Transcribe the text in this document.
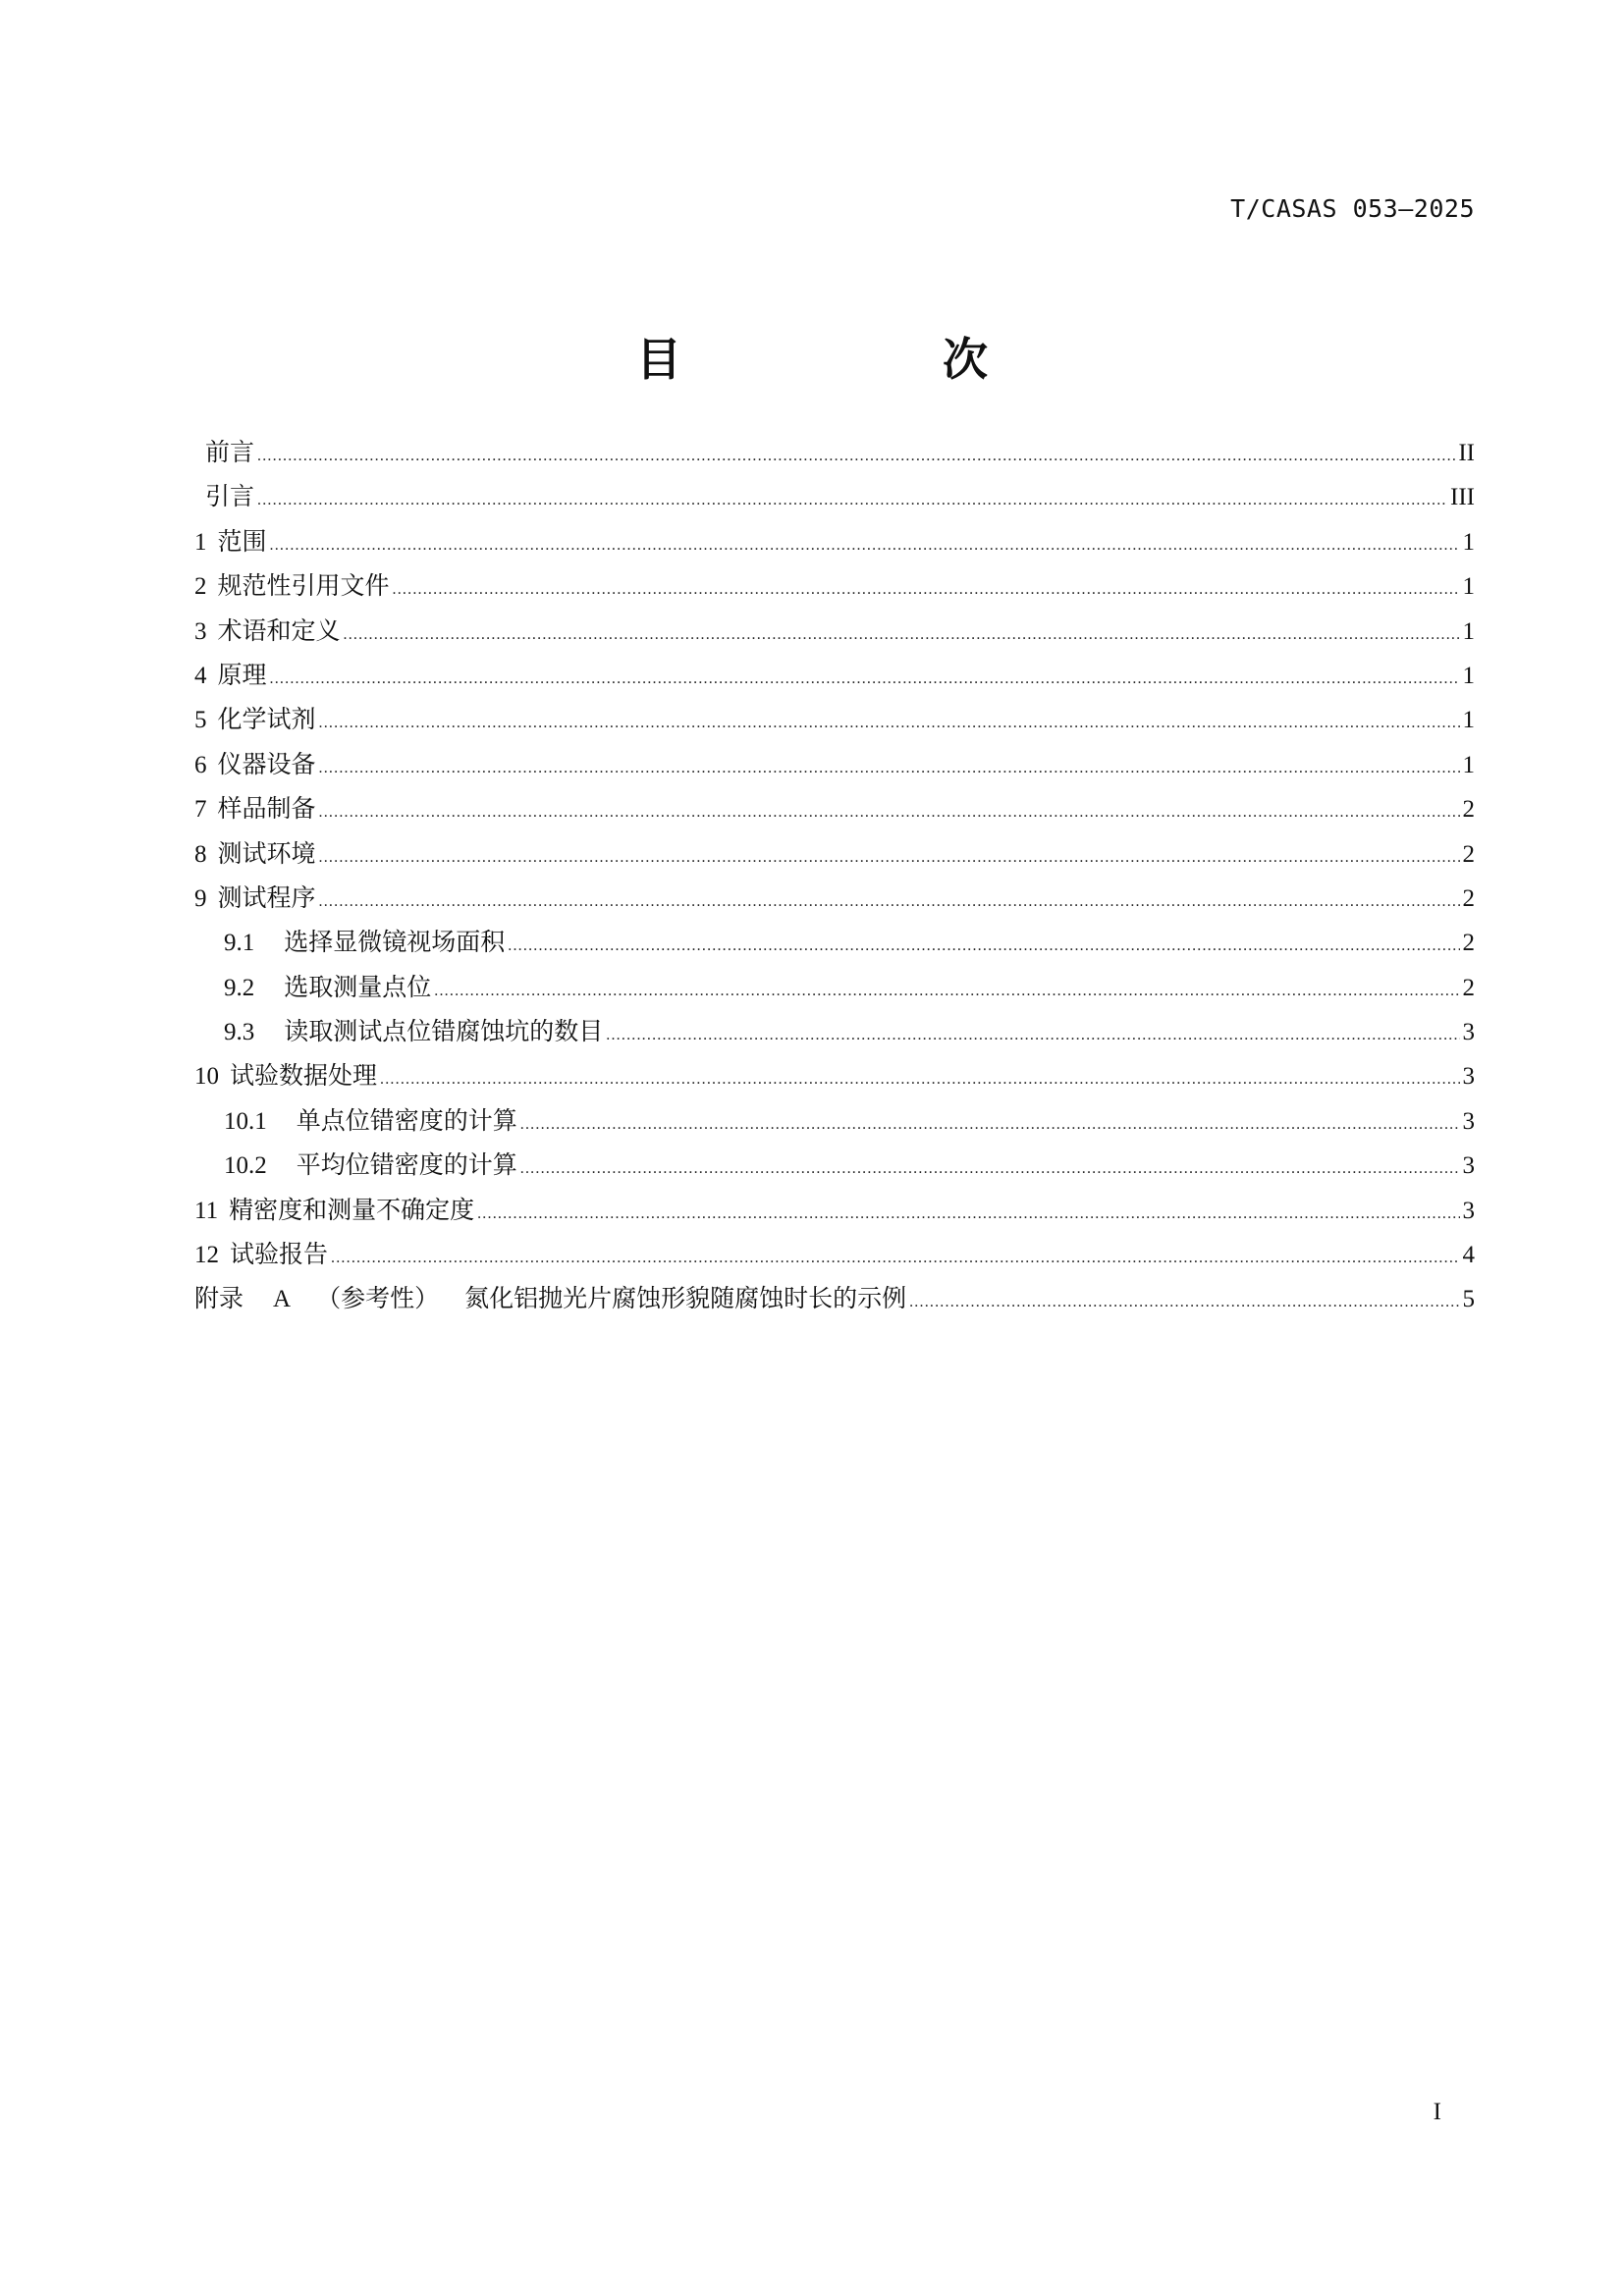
T/CASAS 053—2025
目　次
前言 .....	II
引言 .....	III
1 范围 .....	1
2 规范性引用文件 .....	1
3 术语和定义 .....	1
4 原理 .....	1
5 化学试剂 .....	1
6 仪器设备 .....	1
7 样品制备 .....	2
8 测试环境 .....	2
9 测试程序 .....	2
9.1 选择显微镜视场面积 .....	2
9.2 选取测量点位 .....	2
9.3 读取测试点位错腐蚀坑的数目 .....	3
10 试验数据处理 .....	3
10.1 单点位错密度的计算 .....	3
10.2 平均位错密度的计算 .....	3
11 精密度和测量不确定度 .....	3
12 试验报告 .....	4
附录 A （参考性） 氮化铝抛光片腐蚀形貌随腐蚀时长的示例 .....	5
I
